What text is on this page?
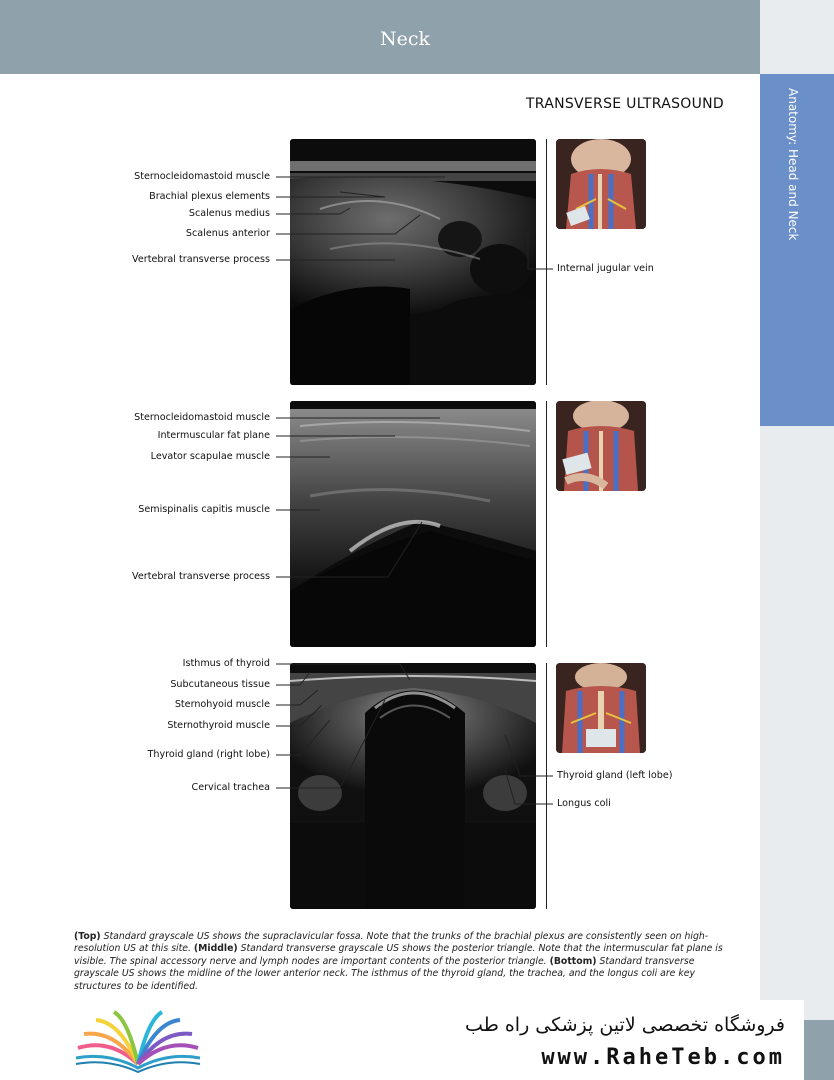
Neck
Anatomy: Head and Neck
TRANSVERSE ULTRASOUND
Sternocleidomastoid muscle
Brachial plexus elements
Scalenus medius
Scalenus anterior
Vertebral transverse process
Internal jugular vein
Sternocleidomastoid muscle
Intermuscular fat plane
Levator scapulae muscle
Semispinalis capitis muscle
Vertebral transverse process
Isthmus of thyroid
Subcutaneous tissue
Sternohyoid muscle
Sternothyroid muscle
Thyroid gland (right lobe)
Cervical trachea
Thyroid gland (left lobe)
Longus coli
(Top) Standard grayscale US shows the supraclavicular fossa. Note that the trunks of the brachial plexus are consistently seen on high-resolution US at this site. (Middle) Standard transverse grayscale US shows the posterior triangle. Note that the intermuscular fat plane is visible. The spinal accessory nerve and lymph nodes are important contents of the posterior triangle. (Bottom) Standard transverse grayscale US shows the midline of the lower anterior neck. The isthmus of the thyroid gland, the trachea, and the longus coli are key structures to be identified.
فروشگاه تخصصی لاتین پزشکی راه طب
www.RaheTeb.com
